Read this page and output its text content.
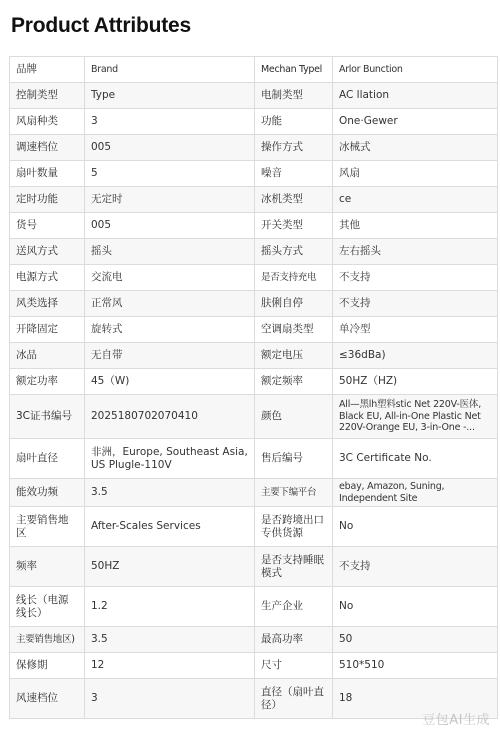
Product Attributes
品牌	Brand	Mechan Typel	Arlor Bunction
控制类型	Type	电制类型	AC llation
风扇种类	3	功能	One·Gewer
调速档位	005	操作方式	冰械式
扇叶数量	5	噪音	风扇
定时功能	无定时	冰机类型	ce
货号	005	开关类型	其他
送风方式	摇头	摇头方式	左右摇头
电源方式	交流电	是否支持充电	不支持
风类选择	正常风	肤俐自停	不支持
开降固定	旋转式	空调扇类型	单冷型
冰品	无自带	额定电压	≤36dBa)
额定功率	45（W)	额定频率	50HZ（HZ)
3C证书编号	2025180702070410	颜色	All—黑lh塑料stic Net 220V-医体, Black EU, All-in-One Plastic Net 220V-Orange EU, 3-in-One -...
扇叶直径	非洲，Europe, Southeast Asia, US Plugle-110V	售后编号	3C Certificate No.
能效功频	3.5	主要下编平台	ebay, Amazon, Suning, Independent Site
主要销售地区	After-Scales Services	是否跨境出口专供货源	No
频率	50HZ	是否支持睡眠模式	不支持
线长（电源线长）	1.2	生产企业	No
主要销售地区)	3.5	最高功率	50
保修期	12	尺寸	510*510
风速档位	3	直径（扇叶直径）	18
豆包AI生成
